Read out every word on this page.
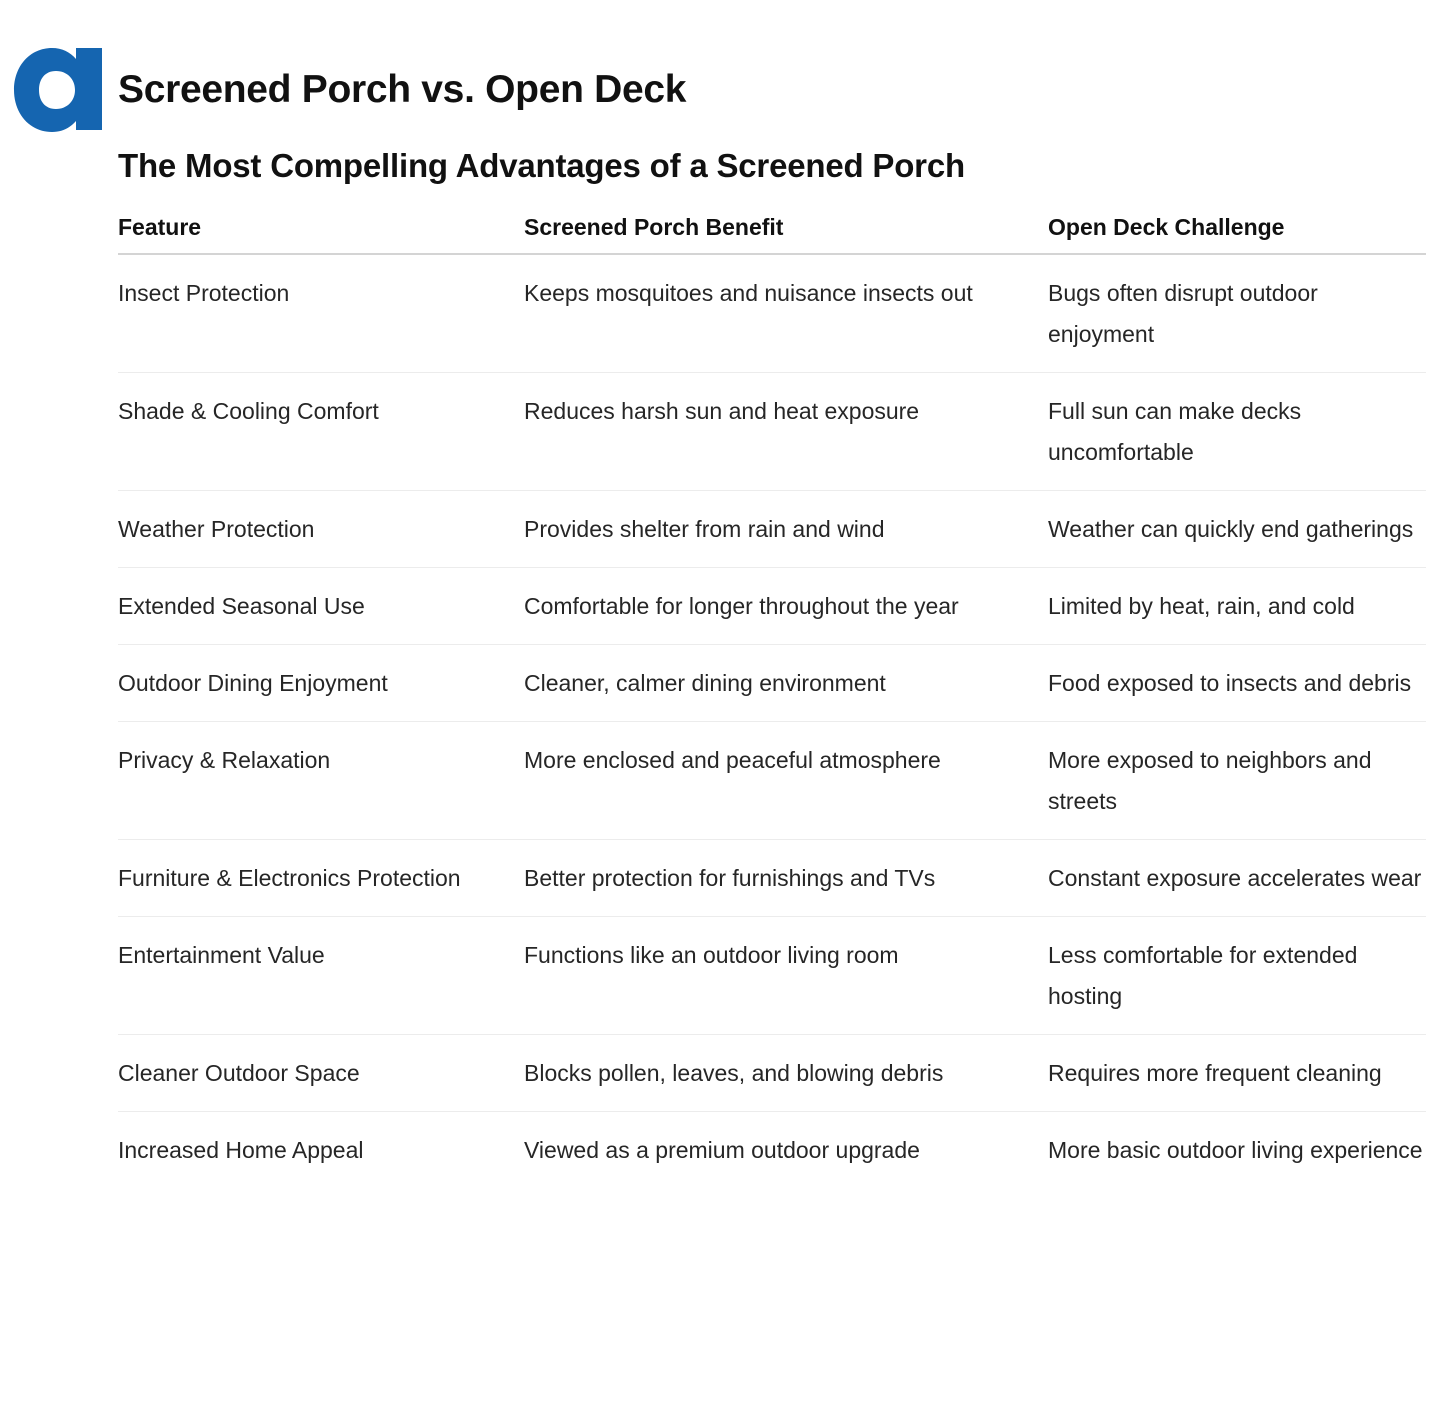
Screened Porch vs. Open Deck
The Most Compelling Advantages of a Screened Porch
Feature	Screened Porch Benefit	Open Deck Challenge
Insect Protection	Keeps mosquitoes and nuisance insects out	Bugs often disrupt outdoor enjoyment
Shade & Cooling Comfort	Reduces harsh sun and heat exposure	Full sun can make decks uncomfortable
Weather Protection	Provides shelter from rain and wind	Weather can quickly end gatherings
Extended Seasonal Use	Comfortable for longer throughout the year	Limited by heat, rain, and cold
Outdoor Dining Enjoyment	Cleaner, calmer dining environment	Food exposed to insects and debris
Privacy & Relaxation	More enclosed and peaceful atmosphere	More exposed to neighbors and streets
Furniture & Electronics Protection	Better protection for furnishings and TVs	Constant exposure accelerates wear
Entertainment Value	Functions like an outdoor living room	Less comfortable for extended hosting
Cleaner Outdoor Space	Blocks pollen, leaves, and blowing debris	Requires more frequent cleaning
Increased Home Appeal	Viewed as a premium outdoor upgrade	More basic outdoor living experience
